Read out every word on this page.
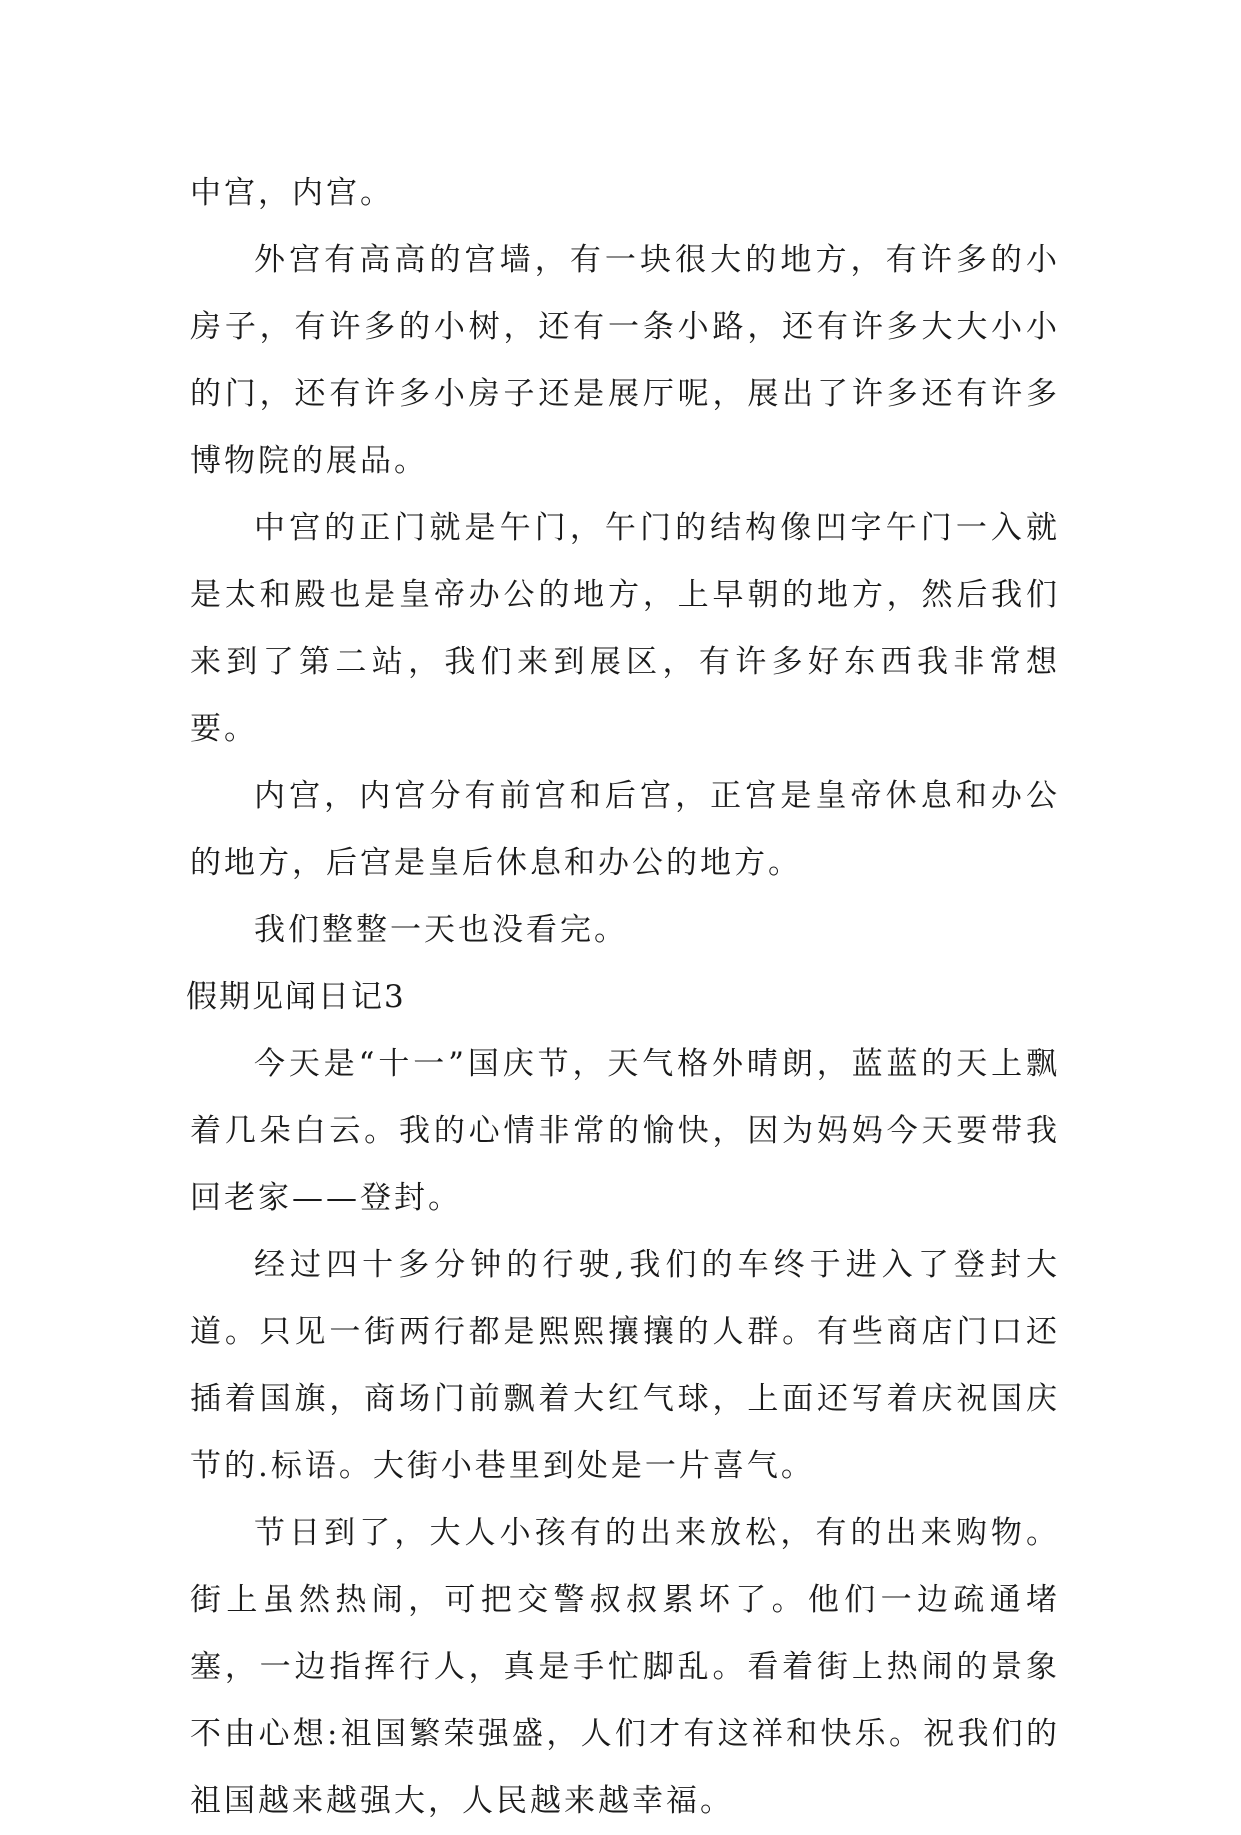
中宫，内宫。

外宫有高高的宫墙，有一块很大的地方，有许多的小房子，有许多的小树，还有一条小路，还有许多大大小小的门，还有许多小房子还是展厅呢，展出了许多还有许多博物院的展品。

中宫的正门就是午门，午门的结构像凹字午门一入就是太和殿也是皇帝办公的地方，上早朝的地方，然后我们来到了第二站，我们来到展区，有许多好东西我非常想要。

内宫，内宫分有前宫和后宫，正宫是皇帝休息和办公的地方，后宫是皇后休息和办公的地方。

我们整整一天也没看完。

假期见闻日记3

今天是“十一”国庆节，天气格外晴朗，蓝蓝的天上飘着几朵白云。我的心情非常的愉快，因为妈妈今天要带我回老家——登封。

经过四十多分钟的行驶,我们的车终于进入了登封大道。只见一街两行都是熙熙攘攘的人群。有些商店门口还插着国旗，商场门前飘着大红气球，上面还写着庆祝国庆节的.标语。大街小巷里到处是一片喜气。

节日到了，大人小孩有的出来放松，有的出来购物。街上虽然热闹，可把交警叔叔累坏了。他们一边疏通堵塞，一边指挥行人，真是手忙脚乱。看着街上热闹的景象不由心想:祖国繁荣强盛，人们才有这祥和快乐。祝我们的祖国越来越强大，人民越来越幸福。
